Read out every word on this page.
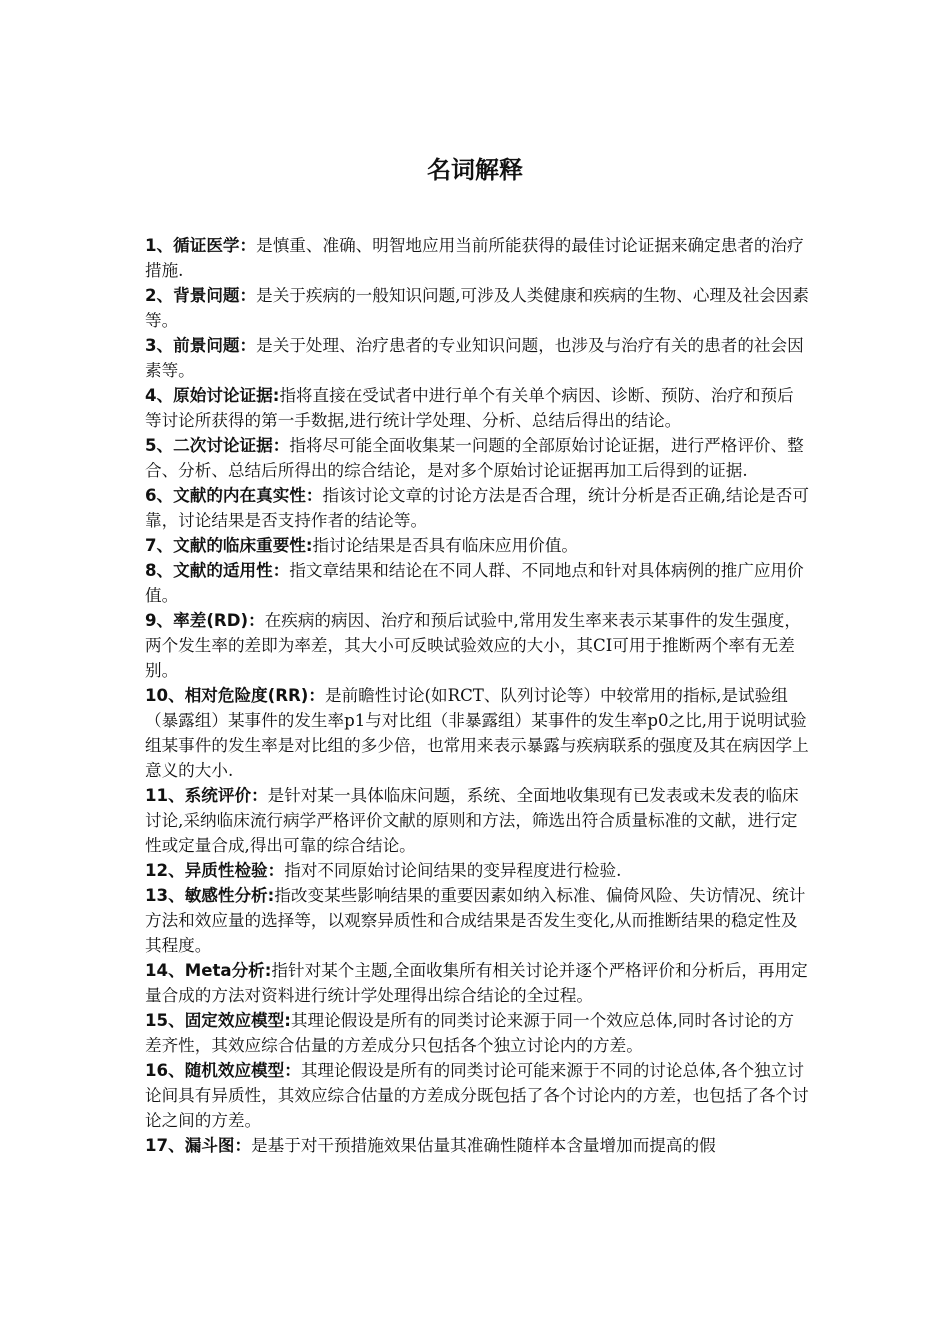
名词解释

1、循证医学：是慎重、准确、明智地应用当前所能获得的最佳讨论证据来确定患者的治疗措施.

2、背景问题：是关于疾病的一般知识问题,可涉及人类健康和疾病的生物、心理及社会因素等。

3、前景问题：是关于处理、治疗患者的专业知识问题，也涉及与治疗有关的患者的社会因素等。

4、原始讨论证据:指将直接在受试者中进行单个有关单个病因、诊断、预防、治疗和预后等讨论所获得的第一手数据,进行统计学处理、分析、总结后得出的结论。

5、二次讨论证据：指将尽可能全面收集某一问题的全部原始讨论证据，进行严格评价、整合、分析、总结后所得出的综合结论，是对多个原始讨论证据再加工后得到的证据.

6、文献的内在真实性：指该讨论文章的讨论方法是否合理，统计分析是否正确,结论是否可靠，讨论结果是否支持作者的结论等。

7、文献的临床重要性:指讨论结果是否具有临床应用价值。

8、文献的适用性：指文章结果和结论在不同人群、不同地点和针对具体病例的推广应用价值。

9、率差(RD)：在疾病的病因、治疗和预后试验中,常用发生率来表示某事件的发生强度，两个发生率的差即为率差，其大小可反映试验效应的大小，其CI可用于推断两个率有无差别。

10、相对危险度(RR)：是前瞻性讨论(如RCT、队列讨论等）中较常用的指标,是试验组（暴露组）某事件的发生率p1与对比组（非暴露组）某事件的发生率p0之比,用于说明试验组某事件的发生率是对比组的多少倍，也常用来表示暴露与疾病联系的强度及其在病因学上意义的大小.

11、系统评价：是针对某一具体临床问题，系统、全面地收集现有已发表或未发表的临床讨论,采纳临床流行病学严格评价文献的原则和方法，筛选出符合质量标准的文献，进行定性或定量合成,得出可靠的综合结论。

12、异质性检验：指对不同原始讨论间结果的变异程度进行检验.

13、敏感性分析:指改变某些影响结果的重要因素如纳入标准、偏倚风险、失访情况、统计方法和效应量的选择等，以观察异质性和合成结果是否发生变化,从而推断结果的稳定性及其程度。

14、Meta分析:指针对某个主题,全面收集所有相关讨论并逐个严格评价和分析后，再用定量合成的方法对资料进行统计学处理得出综合结论的全过程。

15、固定效应模型:其理论假设是所有的同类讨论来源于同一个效应总体,同时各讨论的方差齐性，其效应综合估量的方差成分只包括各个独立讨论内的方差。

16、随机效应模型：其理论假设是所有的同类讨论可能来源于不同的讨论总体,各个独立讨论间具有异质性，其效应综合估量的方差成分既包括了各个讨论内的方差，也包括了各个讨论之间的方差。

17、漏斗图：是基于对干预措施效果估量其准确性随样本含量增加而提高的假
